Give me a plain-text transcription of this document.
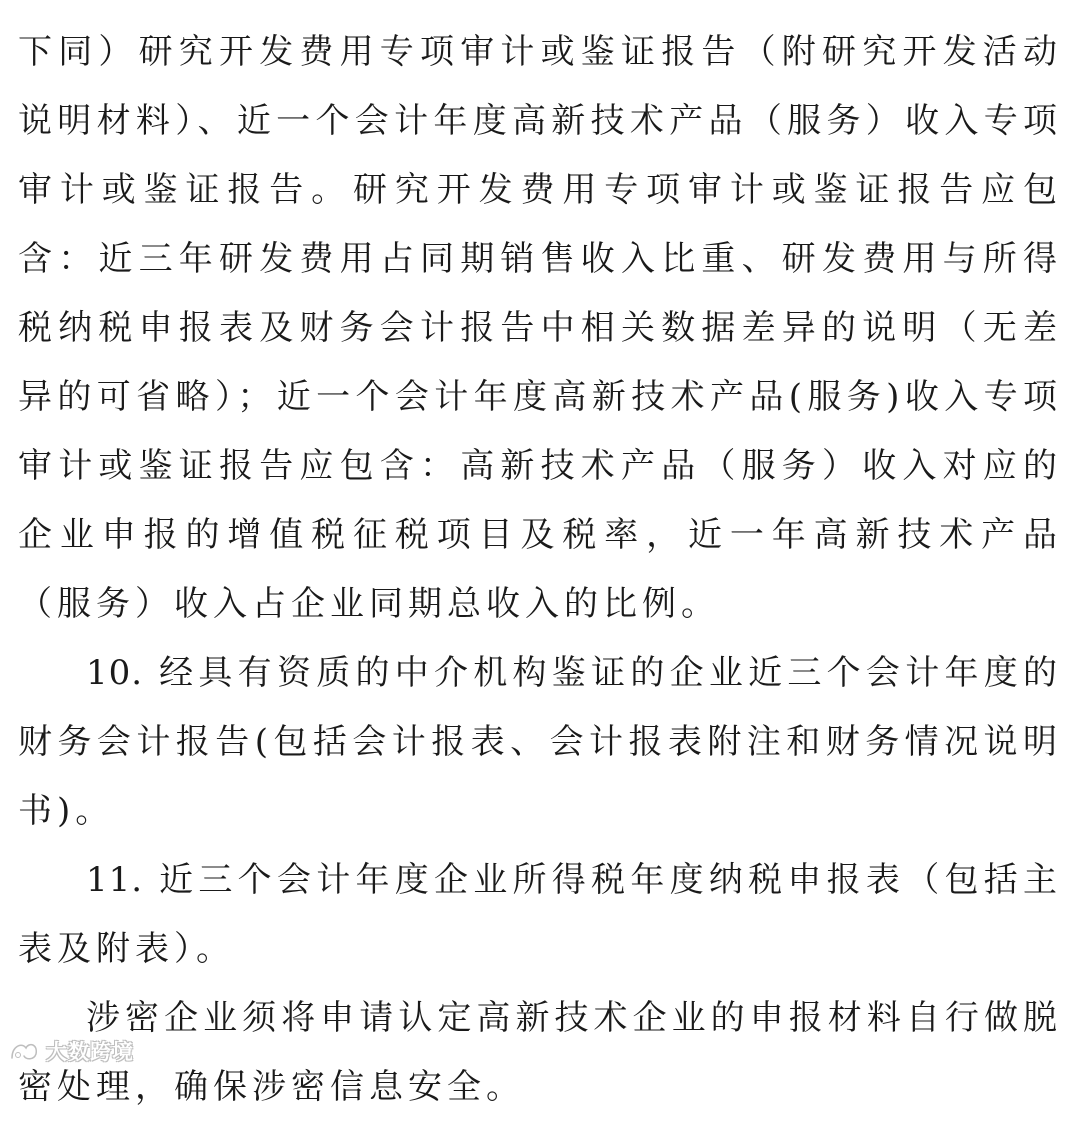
下同）研究开发费用专项审计或鉴证报告（附研究开发活动说明材料）、近一个会计年度高新技术产品（服务）收入专项审计或鉴证报告。研究开发费用专项审计或鉴证报告应包含：近三年研发费用占同期销售收入比重、研发费用与所得税纳税申报表及财务会计报告中相关数据差异的说明（无差异的可省略）；近一个会计年度高新技术产品(服务)收入专项审计或鉴证报告应包含：高新技术产品（服务）收入对应的企业申报的增值税征税项目及税率，近一年高新技术产品（服务）收入占企业同期总收入的比例。

10. 经具有资质的中介机构鉴证的企业近三个会计年度的财务会计报告(包括会计报表、会计报表附注和财务情况说明书)。

11. 近三个会计年度企业所得税年度纳税申报表（包括主表及附表）。

涉密企业须将申请认定高新技术企业的申报材料自行做脱密处理，确保涉密信息安全。

大数跨境
